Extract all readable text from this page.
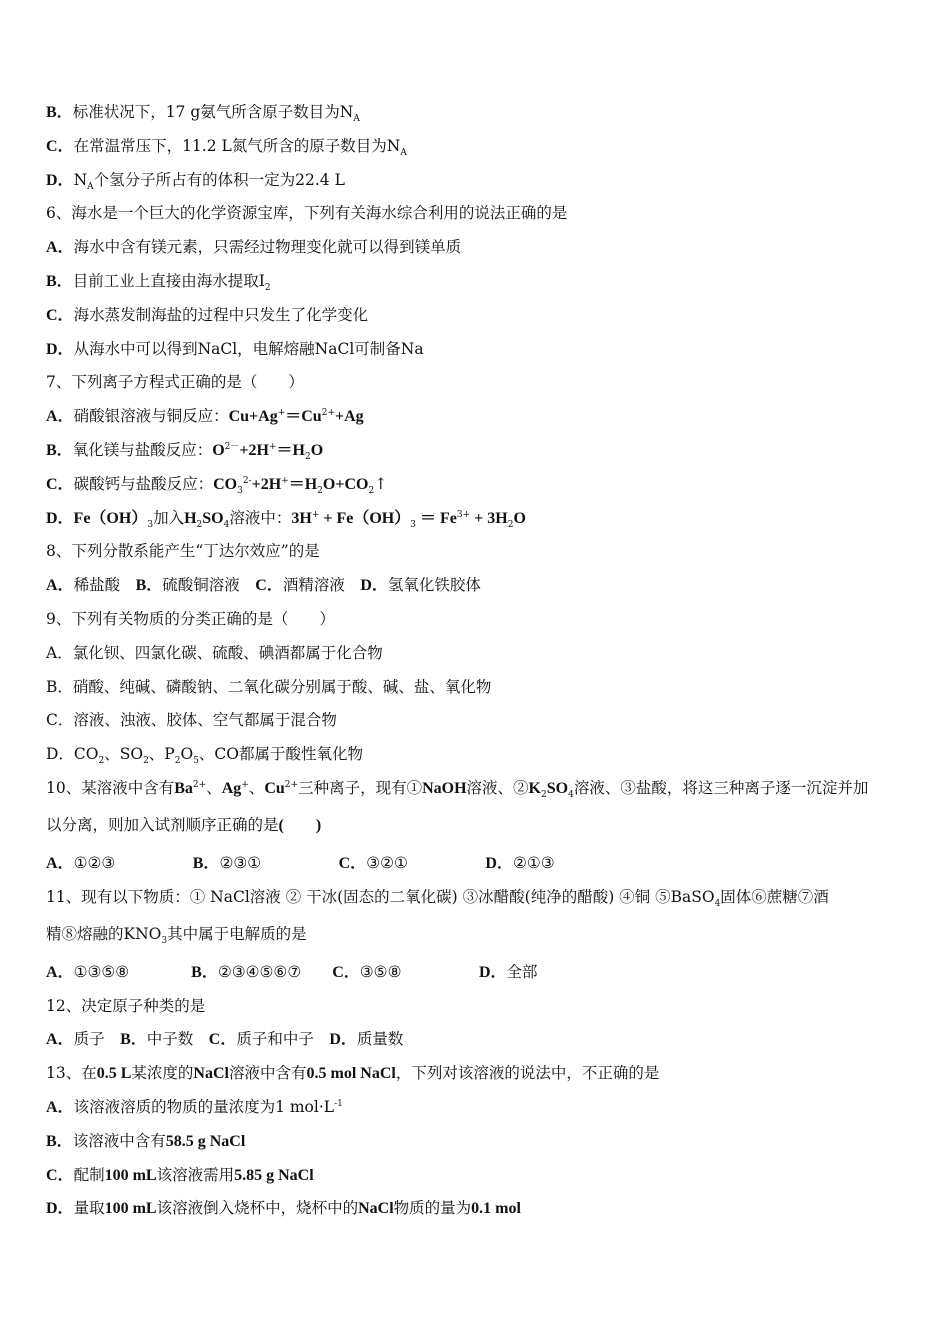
B．标准状况下，17 g氨气所含原子数目为$N_A$
C．在常温常压下，11.2 L氮气所含的原子数目为$N_A$
D．$N_A$个氢分子所占有的体积一定为22.4 L
6、海水是一个巨大的化学资源宝库，下列有关海水综合利用的说法正确的是
A．海水中含有镁元素，只需经过物理变化就可以得到镁单质
B．目前工业上直接由海水提取$I_2$
C．海水蒸发制海盐的过程中只发生了化学变化
D．从海水中可以得到NaCl，电解熔融NaCl可制备Na
7、下列离子方程式正确的是（　　）
A．硝酸银溶液与铜反应：$Cu+Ag^+=Cu^{2+}+Ag$
B．氧化镁与盐酸反应：$O^{2-}+2H^+=H_2O$
C．碳酸钙与盐酸反应：$CO_3^{2-}+2H^+=H_2O+CO_2↑$
D．$Fe(OH)_3$加入$H_2SO_4$溶液中：$3H^+ + Fe(OH)_3 = Fe^{3+} + 3H_2O$
8、下列分散系能产生“丁达尔效应”的是
A．稀盐酸　B．硫酸铜溶液　C．酒精溶液　D．氢氧化铁胶体
9、下列有关物质的分类正确的是（　　）
A．氯化钡、四氯化碳、硫酸、碘酒都属于化合物
B．硝酸、纯碱、磷酸钠、二氧化碳分别属于酸、碱、盐、氧化物
C．溶液、浊液、胶体、空气都属于混合物
D．$CO_2$、$SO_2$、$P_2O_5$、CO都属于酸性氧化物
10、某溶液中含有$Ba^{2+}$、Ag+、$Cu^{2+}$三种离子，现有①NaOH溶液、$②K_2SO_4$溶液、③盐酸，将这三种离子逐一沉淀并加
以分离，则加入试剂顺序正确的是(　　)
A．①②③　　　　　B．②③①　　　　　C．③②①　　　　　D．②①③
11、现有以下物质：① NaCl溶液 ② 干冰(固态的二氧化碳) ③冰醋酸(纯净的醋酸) ④铜 ⑤BaSO$_4$固体⑥蔗糖⑦酒
精⑧熔融的$KNO_3$其中属于电解质的是
A．①③⑤⑧　　　　B．②③④⑤⑥⑦　　C．③⑤⑧　　　　　D．全部
12、决定原子种类的是
A．质子　B．中子数　C．质子和中子　D．质量数
13、在0.5 L某浓度的NaCl溶液中含有0.5 mol NaCl，下列对该溶液的说法中，不正确的是
A．该溶液溶质的物质的量浓度为1 $mol\cdot L^{-1}$
B．该溶液中含有58.5 g NaCl
C．配制100 mL该溶液需用5.85 g NaCl
D．量取100 mL该溶液倒入烧杯中，烧杯中的NaCl物质的量为0.1 mol
